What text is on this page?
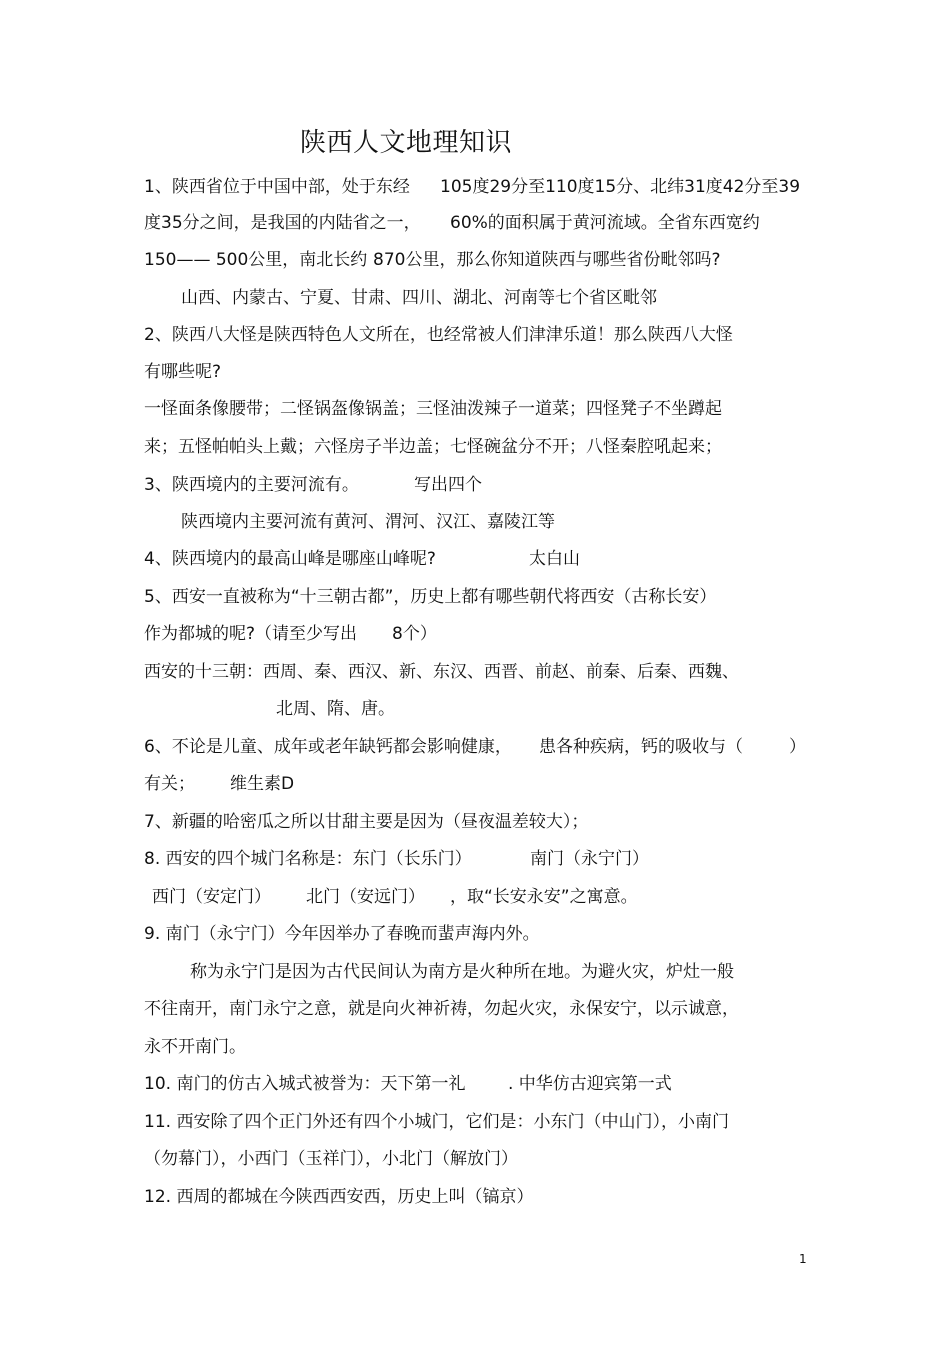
陕西人文地理知识
1、陕西省位于中国中部，处于东经 105度29分至110度15分、北纬31度42分至39
度35分之间，是我国的内陆省之一， 60%的面积属于黄河流域。全省东西宽约
150—— 500公里，南北长约 870公里，那么你知道陕西与哪些省份毗邻吗?
山西、内蒙古、宁夏、甘肃、四川、湖北、河南等七个省区毗邻
2、陕西八大怪是陕西特色人文所在，也经常被人们津津乐道！那么陕西八大怪
有哪些呢?
一怪面条像腰带；二怪锅盔像锅盖；三怪油泼辣子一道菜；四怪凳子不坐蹲起
来；五怪帕帕头上戴；六怪房子半边盖；七怪碗盆分不开；八怪秦腔吼起来；
3、陕西境内的主要河流有。	写出四个
陕西境内主要河流有黄河、渭河、汉江、嘉陵江等
4、陕西境内的最高山峰是哪座山峰呢?	太白山
5、西安一直被称为“十三朝古都”，历史上都有哪些朝代将西安（古称长安）
作为都城的呢?（请至少写出 8个）
西安的十三朝：西周、秦、西汉、新、东汉、西晋、前赵、前秦、后秦、西魏、
北周、隋、唐。
6、不论是儿童、成年或老年缺钙都会影响健康， 患各种疾病，钙的吸收与（	）
有关； 维生素D
7、新疆的哈密瓜之所以甘甜主要是因为（昼夜温差较大）；
8. 西安的四个城门名称是：东门（长乐门）	南门（永宁门）
西门（安定门） 北门（安远门） ，取“长安永安”之寓意。
9. 南门（永宁门）今年因举办了春晚而蜚声海内外。
称为永宁门是因为古代民间认为南方是火种所在地。为避火灾，炉灶一般
不往南开，南门永宁之意，就是向火神祈祷，勿起火灾，永保安宁，以示诚意，
永不开南门。
10. 南门的仿古入城式被誉为：天下第一礼	. 中华仿古迎宾第一式
11. 西安除了四个正门外还有四个小城门，它们是：小东门（中山门），小南门
（勿幕门），小西门（玉祥门），小北门（解放门）
12. 西周的都城在今陕西西安西，历史上叫（镐京）
1
